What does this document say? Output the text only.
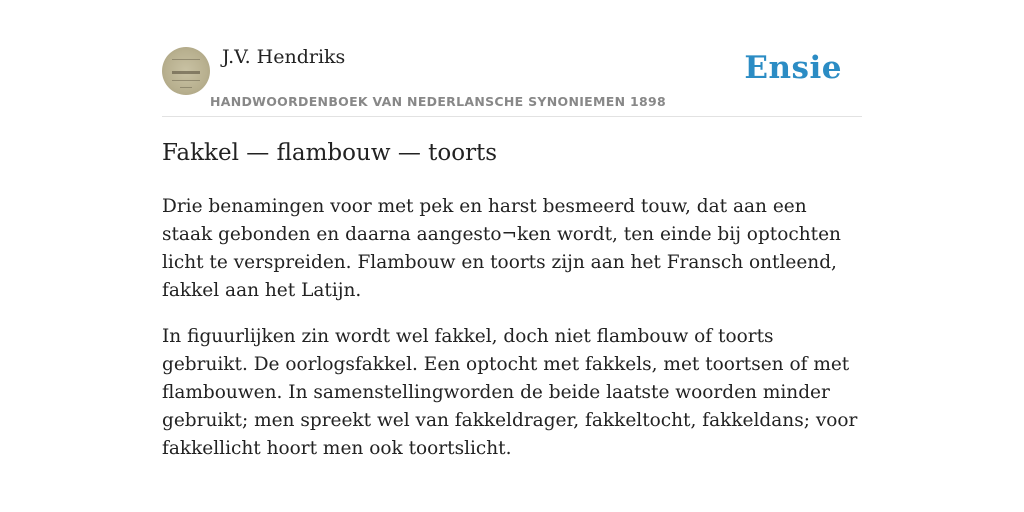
J.V. Hendriks
HANDWOORDENBOEK VAN NEDERLANSCHE SYNONIEMEN 1898
Ensie
Fakkel — flambouw — toorts

Drie benamingen voor met pek en harst besmeerd touw, dat aan een staak gebonden en daarna aangesto¬ken wordt, ten einde bij optochten licht te verspreiden. Flambouw en toorts zijn aan het Fransch ontleend, fakkel aan het Latijn.

In figuurlijken zin wordt wel fakkel, doch niet flambouw of toorts gebruikt. De oorlogsfakkel. Een optocht met fakkels, met toortsen of met flambouwen. In samenstellingworden de beide laatste woorden minder gebruikt; men spreekt wel van fakkeldrager, fakkeltocht, fakkeldans; voor fakkellicht hoort men ook toortslicht.
